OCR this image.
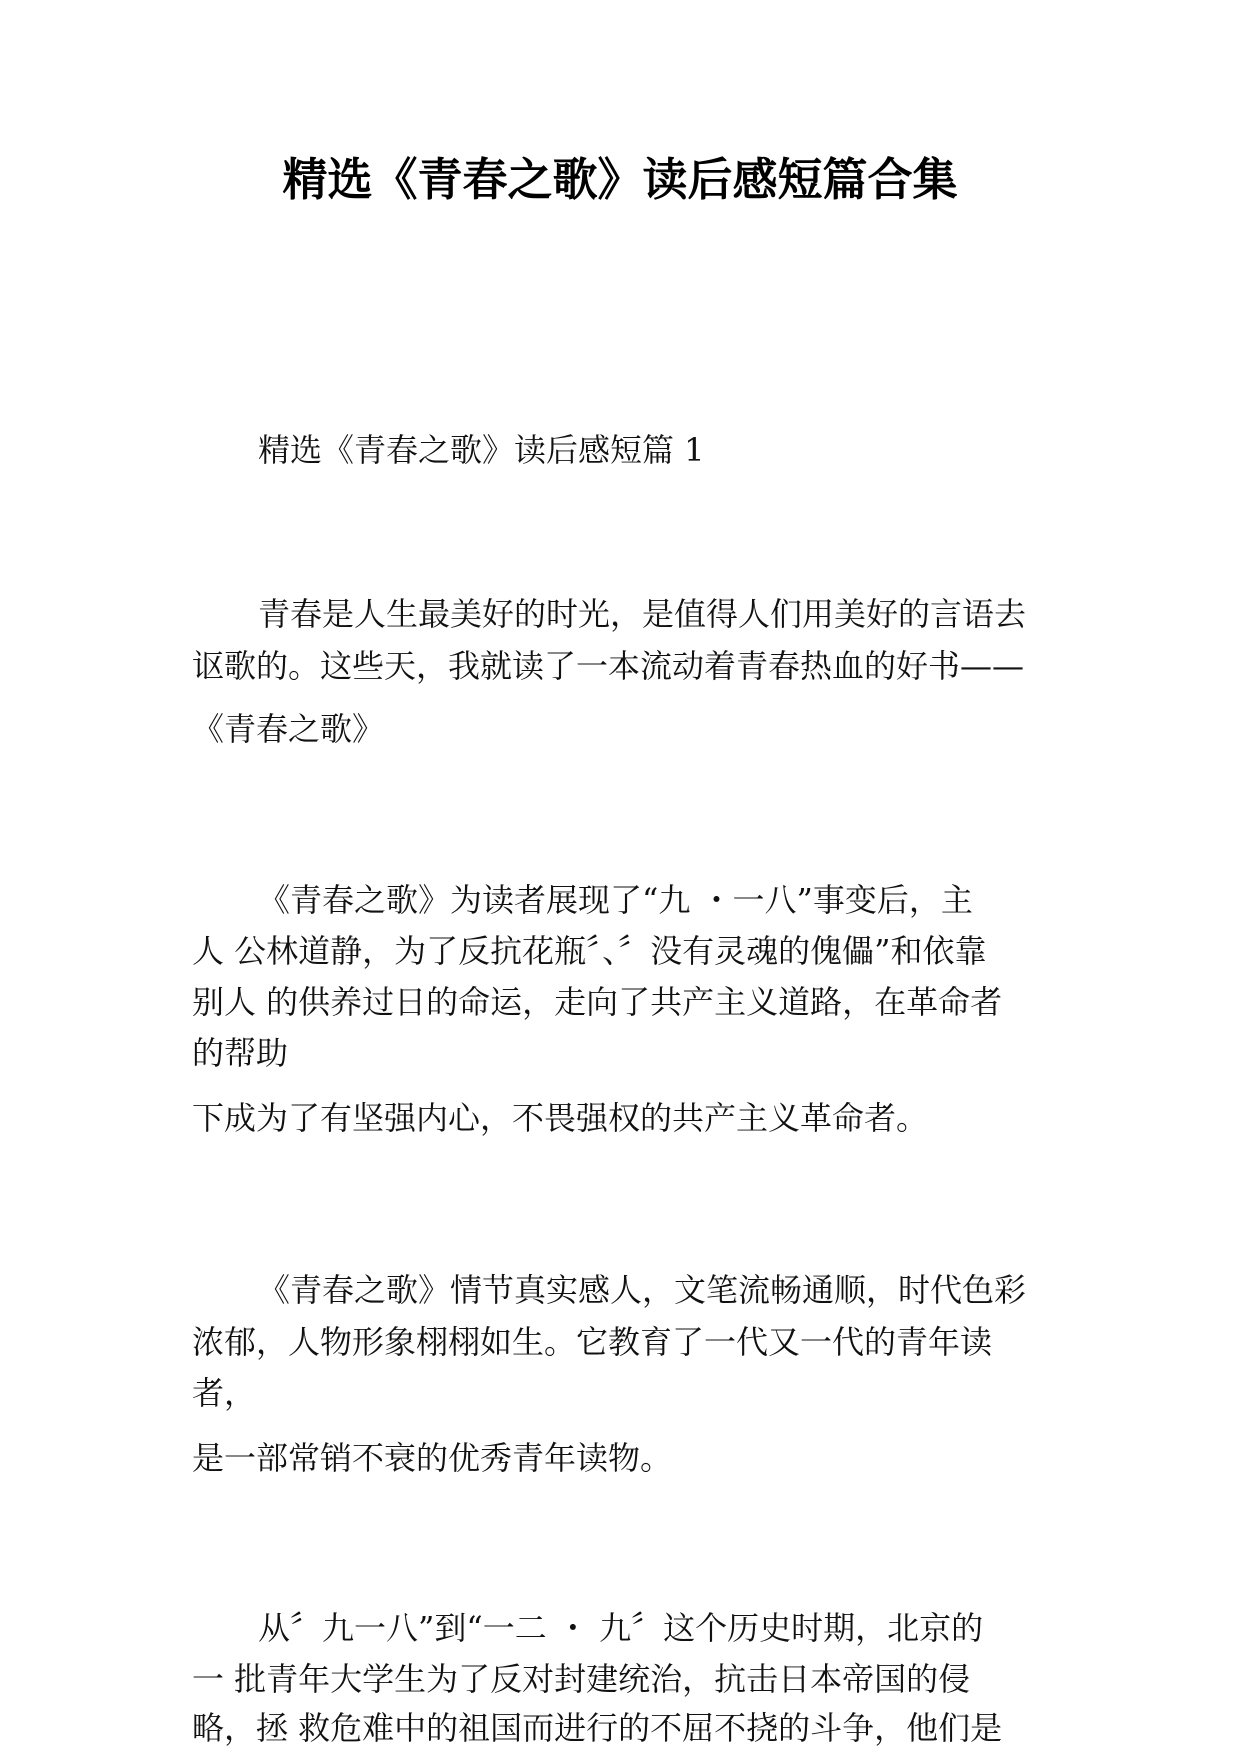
精选《青春之歌》读后感短篇合集
精选《青春之歌》读后感短篇 1
青春是人生最美好的时光，是值得人们用美好的言语去
讴歌的。这些天，我就读了一本流动着青春热血的好书——
《青春之歌》
《青春之歌》为读者展现了“九 ・一八”事变后，主
人 公林道静，为了反抗花瓶〞、〞没有灵魂的傀儡”和依靠
别人 的供养过日的命运，走向了共产主义道路，在革命者
的帮助
下成为了有坚强内心，不畏强权的共产主义革命者。
《青春之歌》情节真实感人，文笔流畅通顺，时代色彩
浓郁，人物形象栩栩如生。它教育了一代又一代的青年读
者，
是一部常销不衰的优秀青年读物。
从〞九一八”到“一二 ・ 九〞这个历史时期，北京的
一 批青年大学生为了反对封建统治，抗击日本帝国的侵
略，拯 救危难中的祖国而进行的不屈不挠的斗争，他们是
